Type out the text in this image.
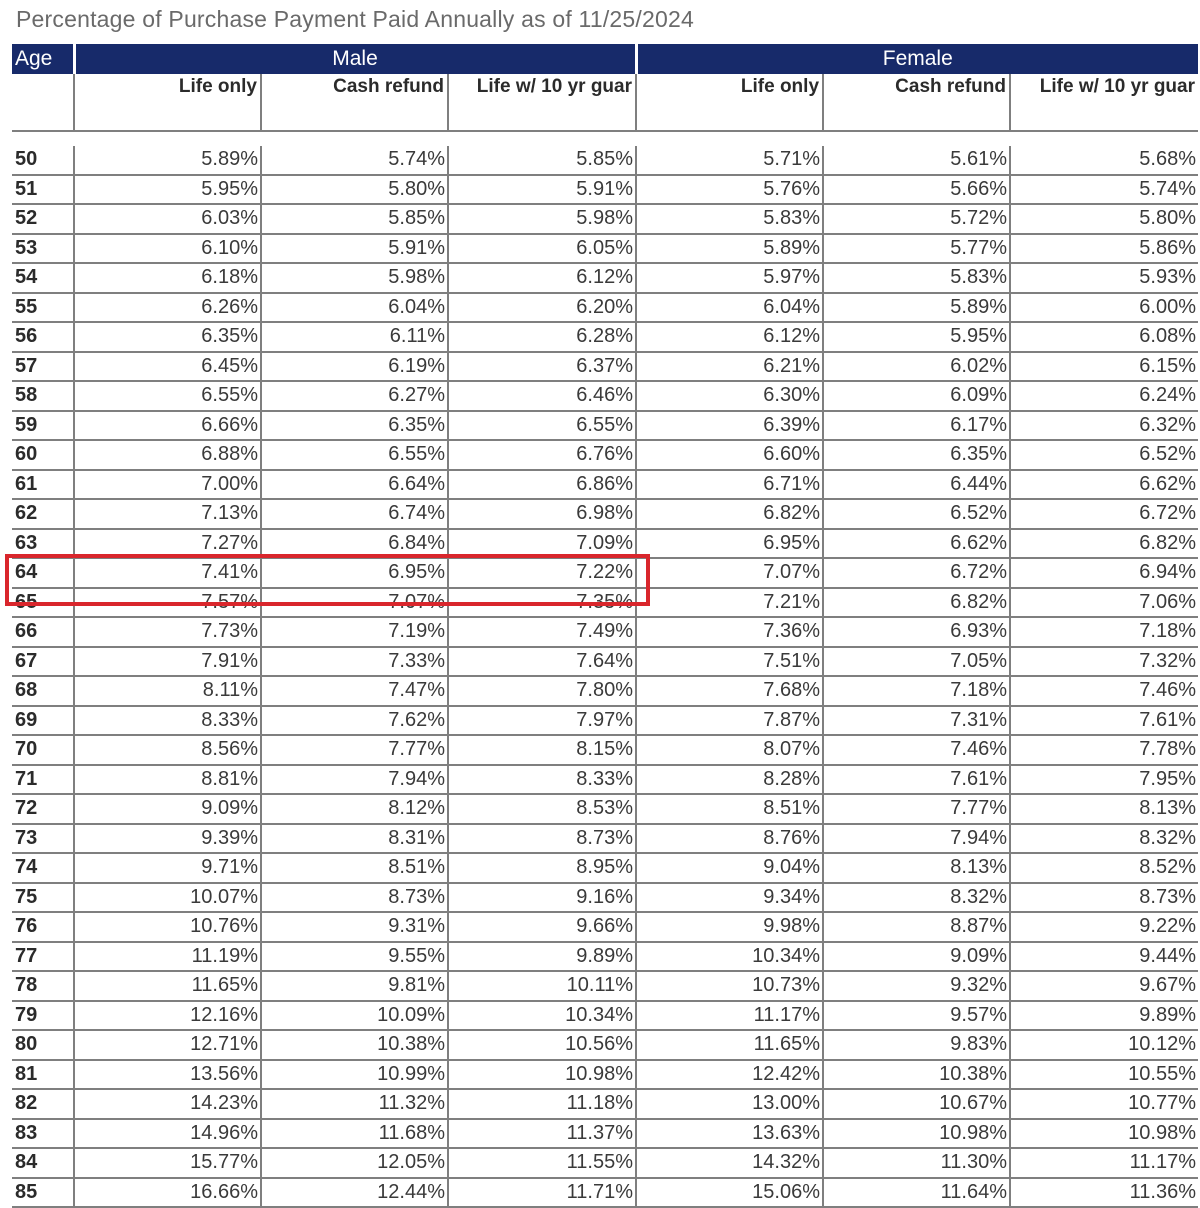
Percentage of Purchase Payment Paid Annually as of 11/25/2024
Age	Male			Female		
	Life only	Cash refund	Life w/ 10 yr guar	Life only	Cash refund	Life w/ 10 yr guar

50	5.89%	5.74%	5.85%	5.71%	5.61%	5.68%
51	5.95%	5.80%	5.91%	5.76%	5.66%	5.74%
52	6.03%	5.85%	5.98%	5.83%	5.72%	5.80%
53	6.10%	5.91%	6.05%	5.89%	5.77%	5.86%
54	6.18%	5.98%	6.12%	5.97%	5.83%	5.93%
55	6.26%	6.04%	6.20%	6.04%	5.89%	6.00%
56	6.35%	6.11%	6.28%	6.12%	5.95%	6.08%
57	6.45%	6.19%	6.37%	6.21%	6.02%	6.15%
58	6.55%	6.27%	6.46%	6.30%	6.09%	6.24%
59	6.66%	6.35%	6.55%	6.39%	6.17%	6.32%
60	6.88%	6.55%	6.76%	6.60%	6.35%	6.52%
61	7.00%	6.64%	6.86%	6.71%	6.44%	6.62%
62	7.13%	6.74%	6.98%	6.82%	6.52%	6.72%
63	7.27%	6.84%	7.09%	6.95%	6.62%	6.82%
64	7.41%	6.95%	7.22%	7.07%	6.72%	6.94%
65	7.57%	7.07%	7.35%	7.21%	6.82%	7.06%
66	7.73%	7.19%	7.49%	7.36%	6.93%	7.18%
67	7.91%	7.33%	7.64%	7.51%	7.05%	7.32%
68	8.11%	7.47%	7.80%	7.68%	7.18%	7.46%
69	8.33%	7.62%	7.97%	7.87%	7.31%	7.61%
70	8.56%	7.77%	8.15%	8.07%	7.46%	7.78%
71	8.81%	7.94%	8.33%	8.28%	7.61%	7.95%
72	9.09%	8.12%	8.53%	8.51%	7.77%	8.13%
73	9.39%	8.31%	8.73%	8.76%	7.94%	8.32%
74	9.71%	8.51%	8.95%	9.04%	8.13%	8.52%
75	10.07%	8.73%	9.16%	9.34%	8.32%	8.73%
76	10.76%	9.31%	9.66%	9.98%	8.87%	9.22%
77	11.19%	9.55%	9.89%	10.34%	9.09%	9.44%
78	11.65%	9.81%	10.11%	10.73%	9.32%	9.67%
79	12.16%	10.09%	10.34%	11.17%	9.57%	9.89%
80	12.71%	10.38%	10.56%	11.65%	9.83%	10.12%
81	13.56%	10.99%	10.98%	12.42%	10.38%	10.55%
82	14.23%	11.32%	11.18%	13.00%	10.67%	10.77%
83	14.96%	11.68%	11.37%	13.63%	10.98%	10.98%
84	15.77%	12.05%	11.55%	14.32%	11.30%	11.17%
85	16.66%	12.44%	11.71%	15.06%	11.64%	11.36%
